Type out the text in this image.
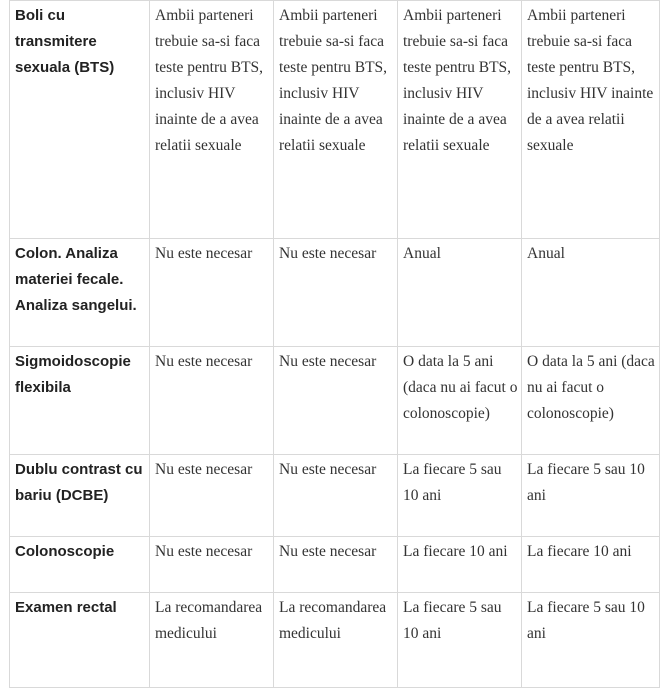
Boli cu transmitere sexuala (BTS)	Ambii parteneri trebuie sa-si faca teste pentru BTS, inclusiv HIV inainte de a avea relatii sexuale	Ambii parteneri trebuie sa-si faca teste pentru BTS, inclusiv HIV inainte de a avea relatii sexuale	Ambii parteneri trebuie sa-si faca teste pentru BTS, inclusiv HIV inainte de a avea relatii sexuale	Ambii parteneri trebuie sa-si faca teste pentru BTS, inclusiv HIV inainte de a avea relatii sexuale
Colon. Analiza materiei fecale. Analiza sangelui.	Nu este necesar	Nu este necesar	Anual	Anual
Sigmoidoscopie flexibila	Nu este necesar	Nu este necesar	O data la 5 ani (daca nu ai facut o colonoscopie)	O data la 5 ani (daca nu ai facut o colonoscopie)
Dublu contrast cu bariu (DCBE)	Nu este necesar	Nu este necesar	La fiecare 5 sau 10 ani	La fiecare 5 sau 10 ani
Colonoscopie	Nu este necesar	Nu este necesar	La fiecare 10 ani	La fiecare 10 ani
Examen rectal	La recomandarea medicului	La recomandarea medicului	La fiecare 5 sau 10 ani	La fiecare 5 sau 10 ani
